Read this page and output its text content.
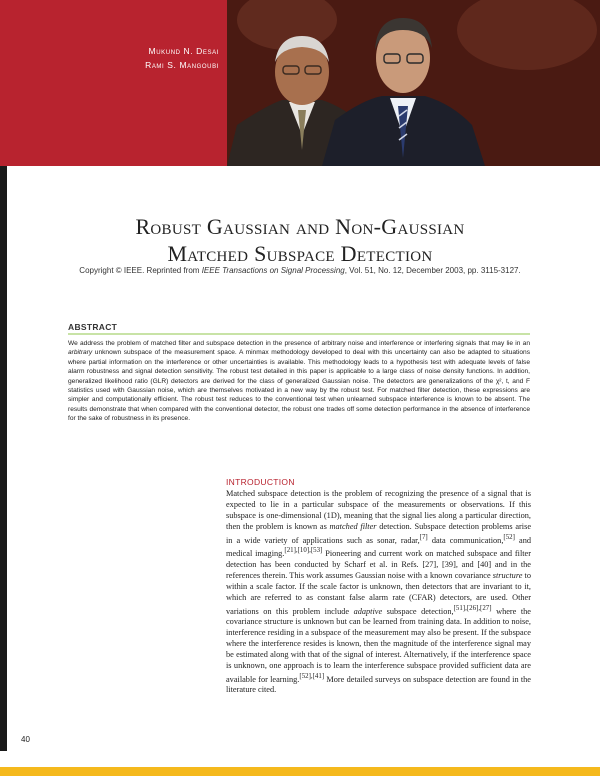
Mukund N. Desai
Rami S. Mangoubi
Robust Gaussian and Non-Gaussian
Matched Subspace Detection
Copyright © IEEE. Reprinted from IEEE Transactions on Signal Processing, Vol. 51, No. 12, December 2003, pp. 3115-3127.
ABSTRACT
We address the problem of matched filter and subspace detection in the presence of arbitrary noise and interference or interfering signals that may lie in an arbitrary unknown subspace of the measurement space. A minmax methodology developed to deal with this uncertainty can also be adapted to situations where partial information on the interference or other uncertainties is available. This methodology leads to a hypothesis test with adequate levels of false alarm robustness and signal detection sensitivity. The robust test detailed in this paper is applicable to a large class of noise density functions. In addition, generalized likelihood ratio (GLR) detectors are derived for the class of generalized Gaussian noise. The detectors are generalizations of the χ², t, and F statistics used with Gaussian noise, which are themselves motivated in a new way by the robust test. For matched filter detection, these expressions are simpler and computationally efficient. The robust test reduces to the conventional test when unlearned subspace interference is known to be absent. The results demonstrate that when compared with the conventional detector, the robust one trades off some detection performance in the absence of interference for the sake of robustness in its presence.
INTRODUCTION
Matched subspace detection is the problem of recognizing the presence of a signal that is expected to lie in a particular subspace of the measurements or observations. If this subspace is one-dimensional (1D), meaning that the signal lies along a particular direction, then the problem is known as matched filter detection. Subspace detection problems arise in a wide variety of applications such as sonar, radar,[7] data communication,[52] and medical imaging.[21],[10],[53] Pioneering and current work on matched subspace and filter detection has been conducted by Scharf et al. in Refs. [27], [39], and [40] and in the references therein. This work assumes Gaussian noise with a known covariance structure to within a scale factor. If the scale factor is unknown, then detectors that are invariant to it, which are referred to as constant false alarm rate (CFAR) detectors, are used. Other variations on this problem include adaptive subspace detection,[51],[26],[27] where the covariance structure is unknown but can be learned from training data. In addition to noise, interference residing in a subspace of the measurement may also be present. If the subspace where the interference resides is known, then the magnitude of the interference signal may be estimated along with that of the signal of interest. Alternatively, if the interference space is unknown, one approach is to learn the interference subspace provided sufficient data are available for learning.[52],[41] More detailed surveys on subspace detection are found in the literature cited.
40
